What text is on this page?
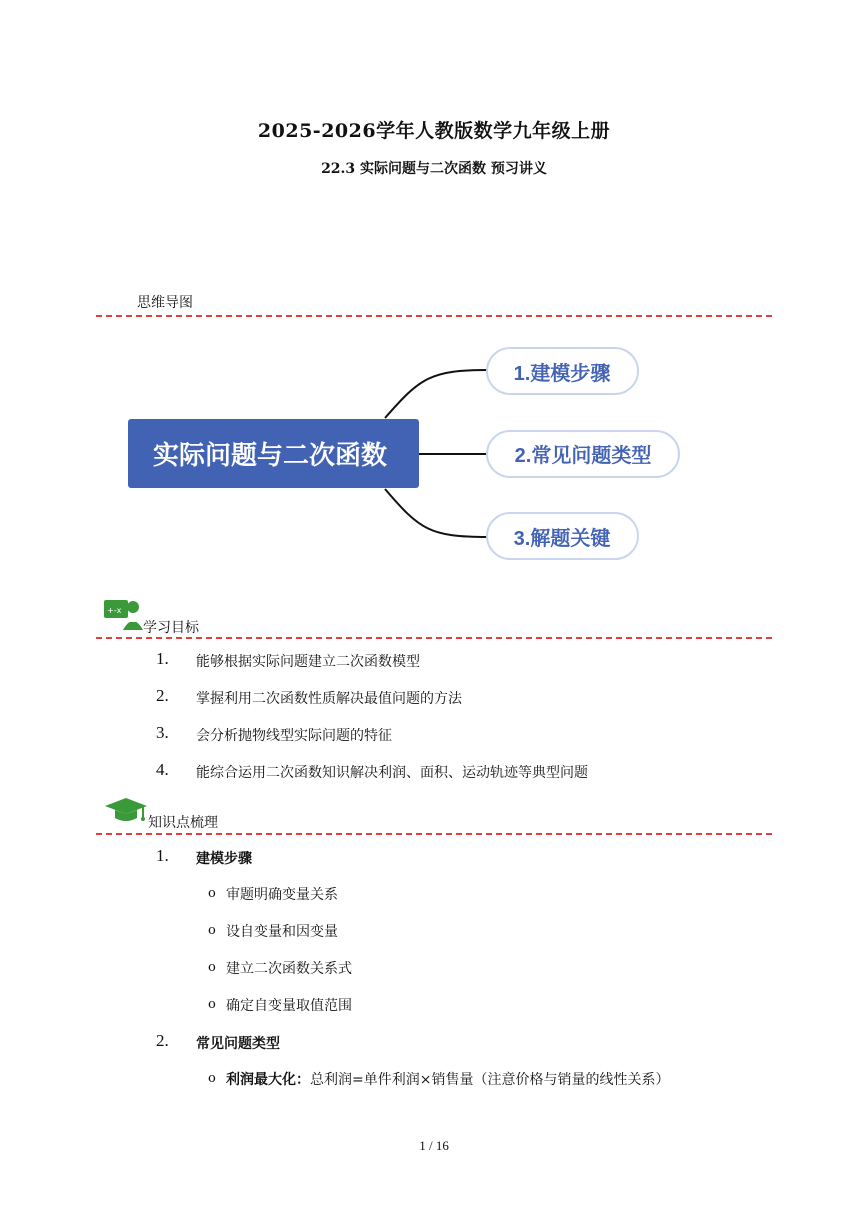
2025-2026学年人教版数学九年级上册
22.3 实际问题与二次函数 预习讲义
思维导图
实际问题与二次函数
1.建模步骤
2.常见问题类型
3.解题关键
+-x
学习目标
1. 能够根据实际问题建立二次函数模型
2. 掌握利用二次函数性质解决最值问题的方法
3. 会分析抛物线型实际问题的特征
4. 能综合运用二次函数知识解决利润、面积、运动轨迹等典型问题
知识点梳理
1. 建模步骤
o 审题明确变量关系
o 设自变量和因变量
o 建立二次函数关系式
o 确定自变量取值范围
2. 常见问题类型
o 利润最大化：总利润=单件利润×销售量（注意价格与销量的线性关系）
1 / 16
